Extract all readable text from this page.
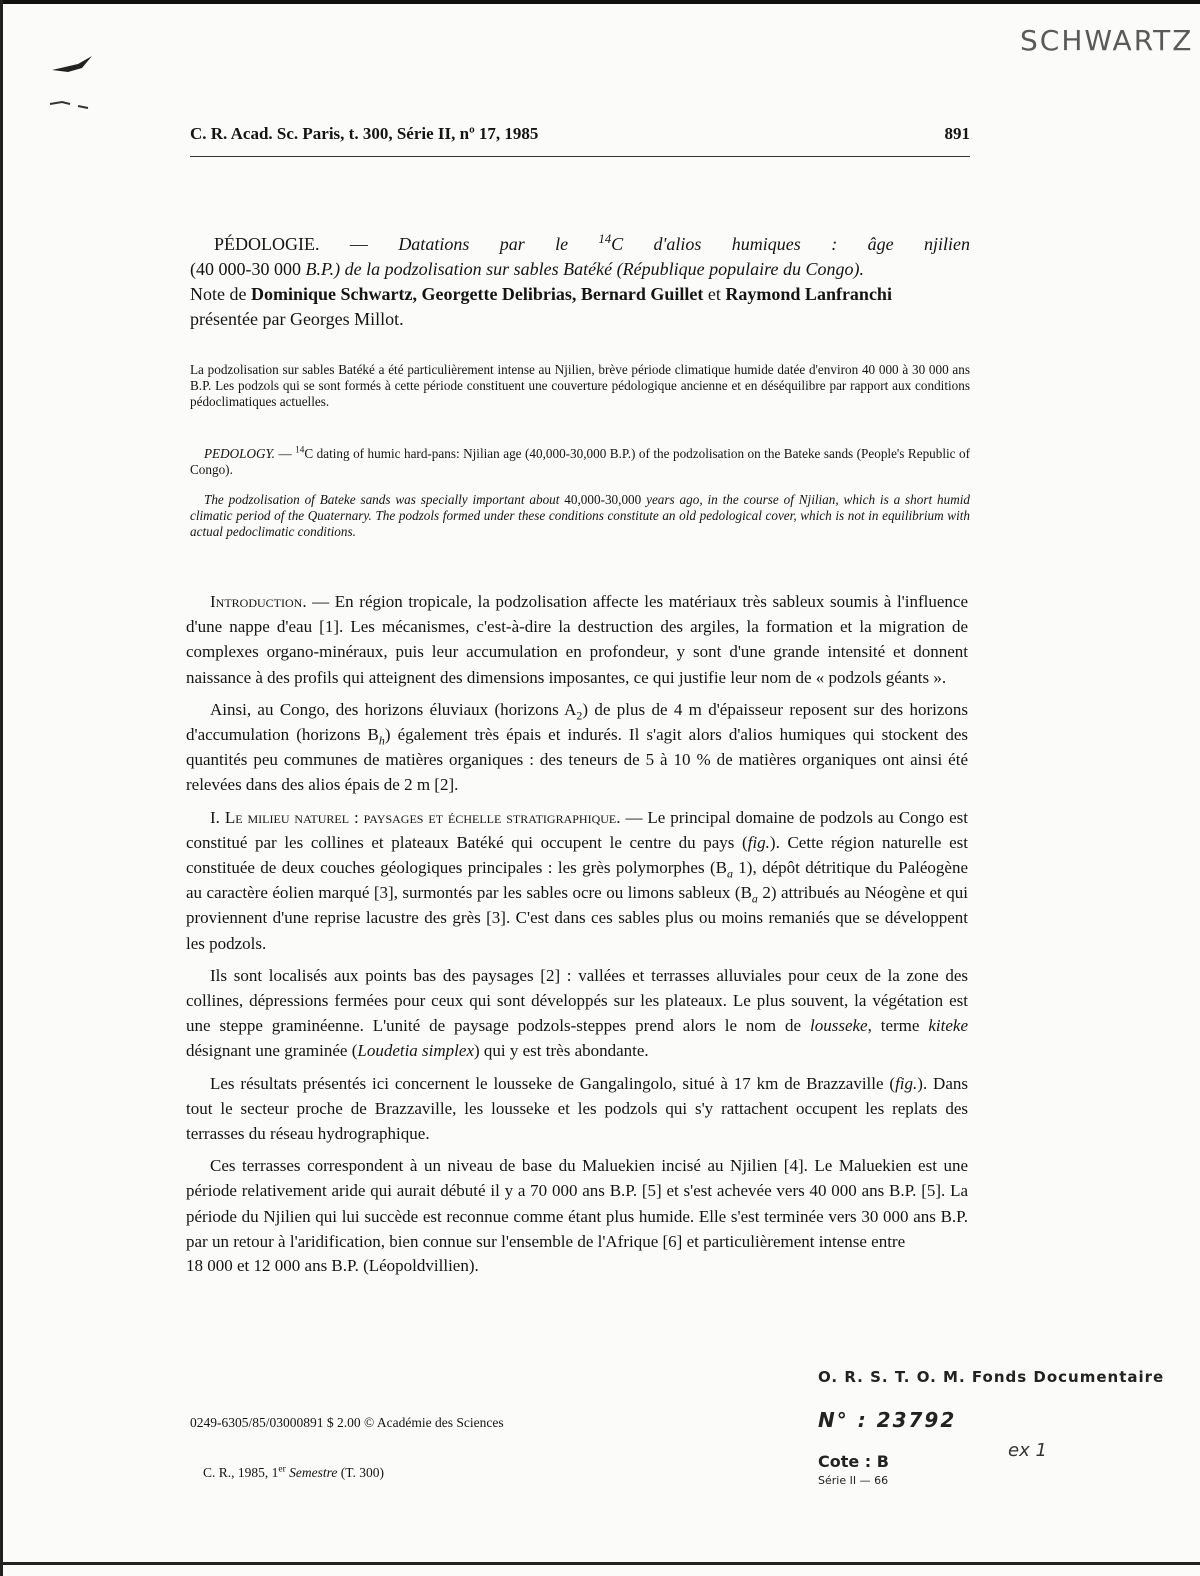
SCHWARTZ
C. R. Acad. Sc. Paris, t. 300, Série II, nº 17, 1985	891
PÉDOLOGIE. — Datations par le $^{14}$C d'alios humiques : âge njilien
(40 000-30 000 B.P.) de la podzolisation sur sables Batéké (République populaire du Congo).
Note de Dominique Schwartz, Georgette Delibrias, Bernard Guillet et Raymond Lanfranchi
présentée par Georges Millot.
La podzolisation sur sables Batéké a été particulièrement intense au Njilien, brève période climatique humide datée d'environ 40 000 à 30 000 ans B.P. Les podzols qui se sont formés à cette période constituent une couverture pédologique ancienne et en déséquilibre par rapport aux conditions pédoclimatiques actuelles.
PEDOLOGY. — $^{14}$C dating of humic hard-pans: Njilian age (40,000-30,000 B.P.) of the podzolisation on the Bateke sands (People's Republic of Congo).
The podzolisation of Bateke sands was specially important about 40,000-30,000 years ago, in the course of Njilian, which is a short humid climatic period of the Quaternary. The podzols formed under these conditions constitute an old pedological cover, which is not in equilibrium with actual pedoclimatic conditions.

Introduction. — En région tropicale, la podzolisation affecte les matériaux très sableux soumis à l'influence d'une nappe d'eau [1]. Les mécanismes, c'est-à-dire la destruction des argiles, la formation et la migration de complexes organo-minéraux, puis leur accumulation en profondeur, y sont d'une grande intensité et donnent naissance à des profils qui atteignent des dimensions imposantes, ce qui justifie leur nom de « podzols géants ».

Ainsi, au Congo, des horizons éluviaux (horizons $A_2$) de plus de 4 m d'épaisseur reposent sur des horizons d'accumulation (horizons $B_h$) également très épais et indurés. Il s'agit alors d'alios humiques qui stockent des quantités peu communes de matières organiques : des teneurs de 5 à 10 % de matières organiques ont ainsi été relevées dans des alios épais de 2 m [2].

I. Le milieu naturel : paysages et échelle stratigraphique. — Le principal domaine de podzols au Congo est constitué par les collines et plateaux Batéké qui occupent le centre du pays (fig.). Cette région naturelle est constituée de deux couches géologiques principales : les grès polymorphes ($B_a$ 1), dépôt détritique du Paléogène au caractère éolien marqué [3], surmontés par les sables ocre ou limons sableux ($B_a$ 2) attribués au Néogène et qui proviennent d'une reprise lacustre des grès [3]. C'est dans ces sables plus ou moins remaniés que se développent les podzols.

Ils sont localisés aux points bas des paysages [2] : vallées et terrasses alluviales pour ceux de la zone des collines, dépressions fermées pour ceux qui sont développés sur les plateaux. Le plus souvent, la végétation est une steppe graminéenne. L'unité de paysage podzols-steppes prend alors le nom de lousseke, terme kiteke désignant une graminée (Loudetia simplex) qui y est très abondante.

Les résultats présentés ici concernent le lousseke de Gangalingolo, situé à 17 km de Brazzaville (fig.). Dans tout le secteur proche de Brazzaville, les lousseke et les podzols qui s'y rattachent occupent les replats des terrasses du réseau hydrographique.

Ces terrasses correspondent à un niveau de base du Maluekien incisé au Njilien [4]. Le Maluekien est une période relativement aride qui aurait débuté il y a 70 000 ans B.P. [5] et s'est achevée vers 40 000 ans B.P. [5]. La période du Njilien qui lui succède est reconnue comme étant plus humide. Elle s'est terminée vers 30 000 ans B.P. par un retour à l'aridification, bien connue sur l'ensemble de l'Afrique [6] et particulièrement intense entre

18 000 et 12 000 ans B.P. (Léopoldvillien).
O. R. S. T. O. M. Fonds Documentaire
N° : 23792
ex 1
Cote : B
Série II — 66
0249-6305/85/03000891 $ 2.00 © Académie des Sciences
C. R., 1985, 1er Semestre (T. 300)
